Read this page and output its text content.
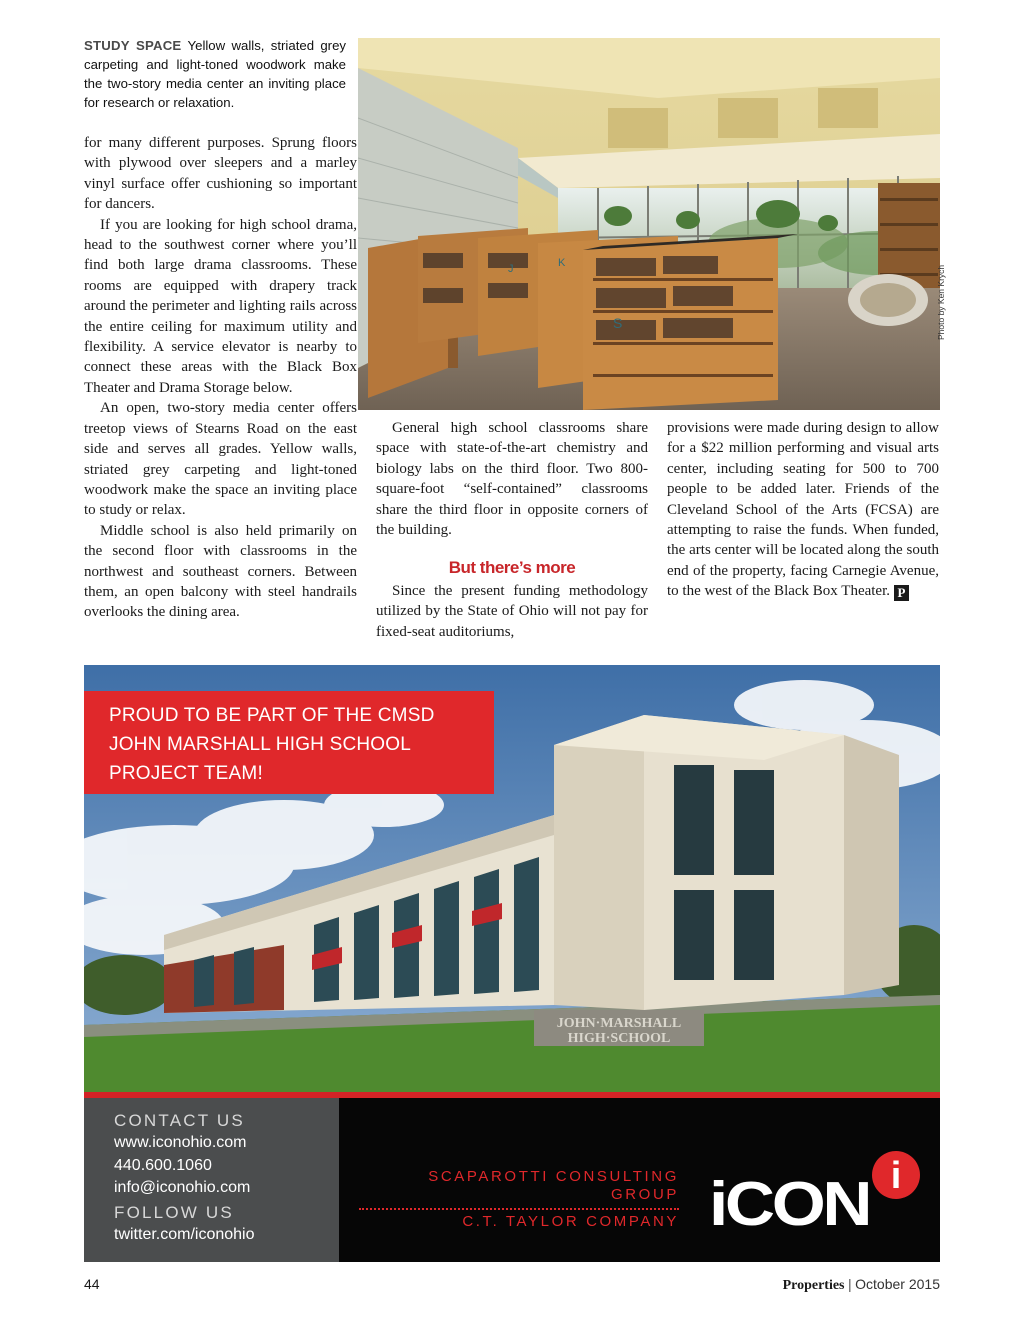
STUDY SPACE Yellow walls, striated grey carpeting and light-toned woodwork make the two-story media center an inviting place for research or relaxation.
J	K
S	Photo by Ken Krych

for many different purposes. Sprung floors with plywood over sleepers and a marley vinyl surface offer cushioning so important for dancers.

If you are looking for high school drama, head to the southwest corner where you’ll find both large drama classrooms. These rooms are equipped with drapery track around the perimeter and lighting rails across the entire ceiling for maximum utility and flexibility. A service elevator is nearby to connect these areas with the Black Box Theater and Drama Storage below.

An open, two-story media center offers treetop views of Stearns Road on the east side and serves all grades. Yellow walls, striated grey carpeting and light-toned woodwork make the space an inviting place to study or relax.

Middle school is also held primarily on the second floor with classrooms in the northwest and southeast corners. Between them, an open balcony with steel handrails overlooks the dining area.

General high school classrooms share space with state-of-the-art chemistry and biology labs on the third floor. Two 800-square-foot “self-contained” classrooms share the third floor in opposite corners of the building.

But there’s more

Since the present funding methodology utilized by the State of Ohio will not pay for fixed-seat auditoriums,

provisions were made during design to allow for a $22 million performing and visual arts center, including seating for 500 to 700 people to be added later. Friends of the Cleveland School of the Arts (FCSA) are attempting to raise the funds. When funded, the arts center will be located along the south end of the property, facing Carnegie Avenue, to the west of the Black Box Theater. P

JOHN·MARSHALL
HIGH·SCHOOL
PROUD TO BE PART OF THE CMSD
JOHN MARSHALL HIGH SCHOOL
PROJECT TEAM!
CONTACT US
www.iconohio.com
440.600.1060
info@iconohio.com
FOLLOW US
twitter.com/iconohio
SCAPAROTTI CONSULTING GROUP
C.T. TAYLOR COMPANY iCON i
44	Properties | October 2015
